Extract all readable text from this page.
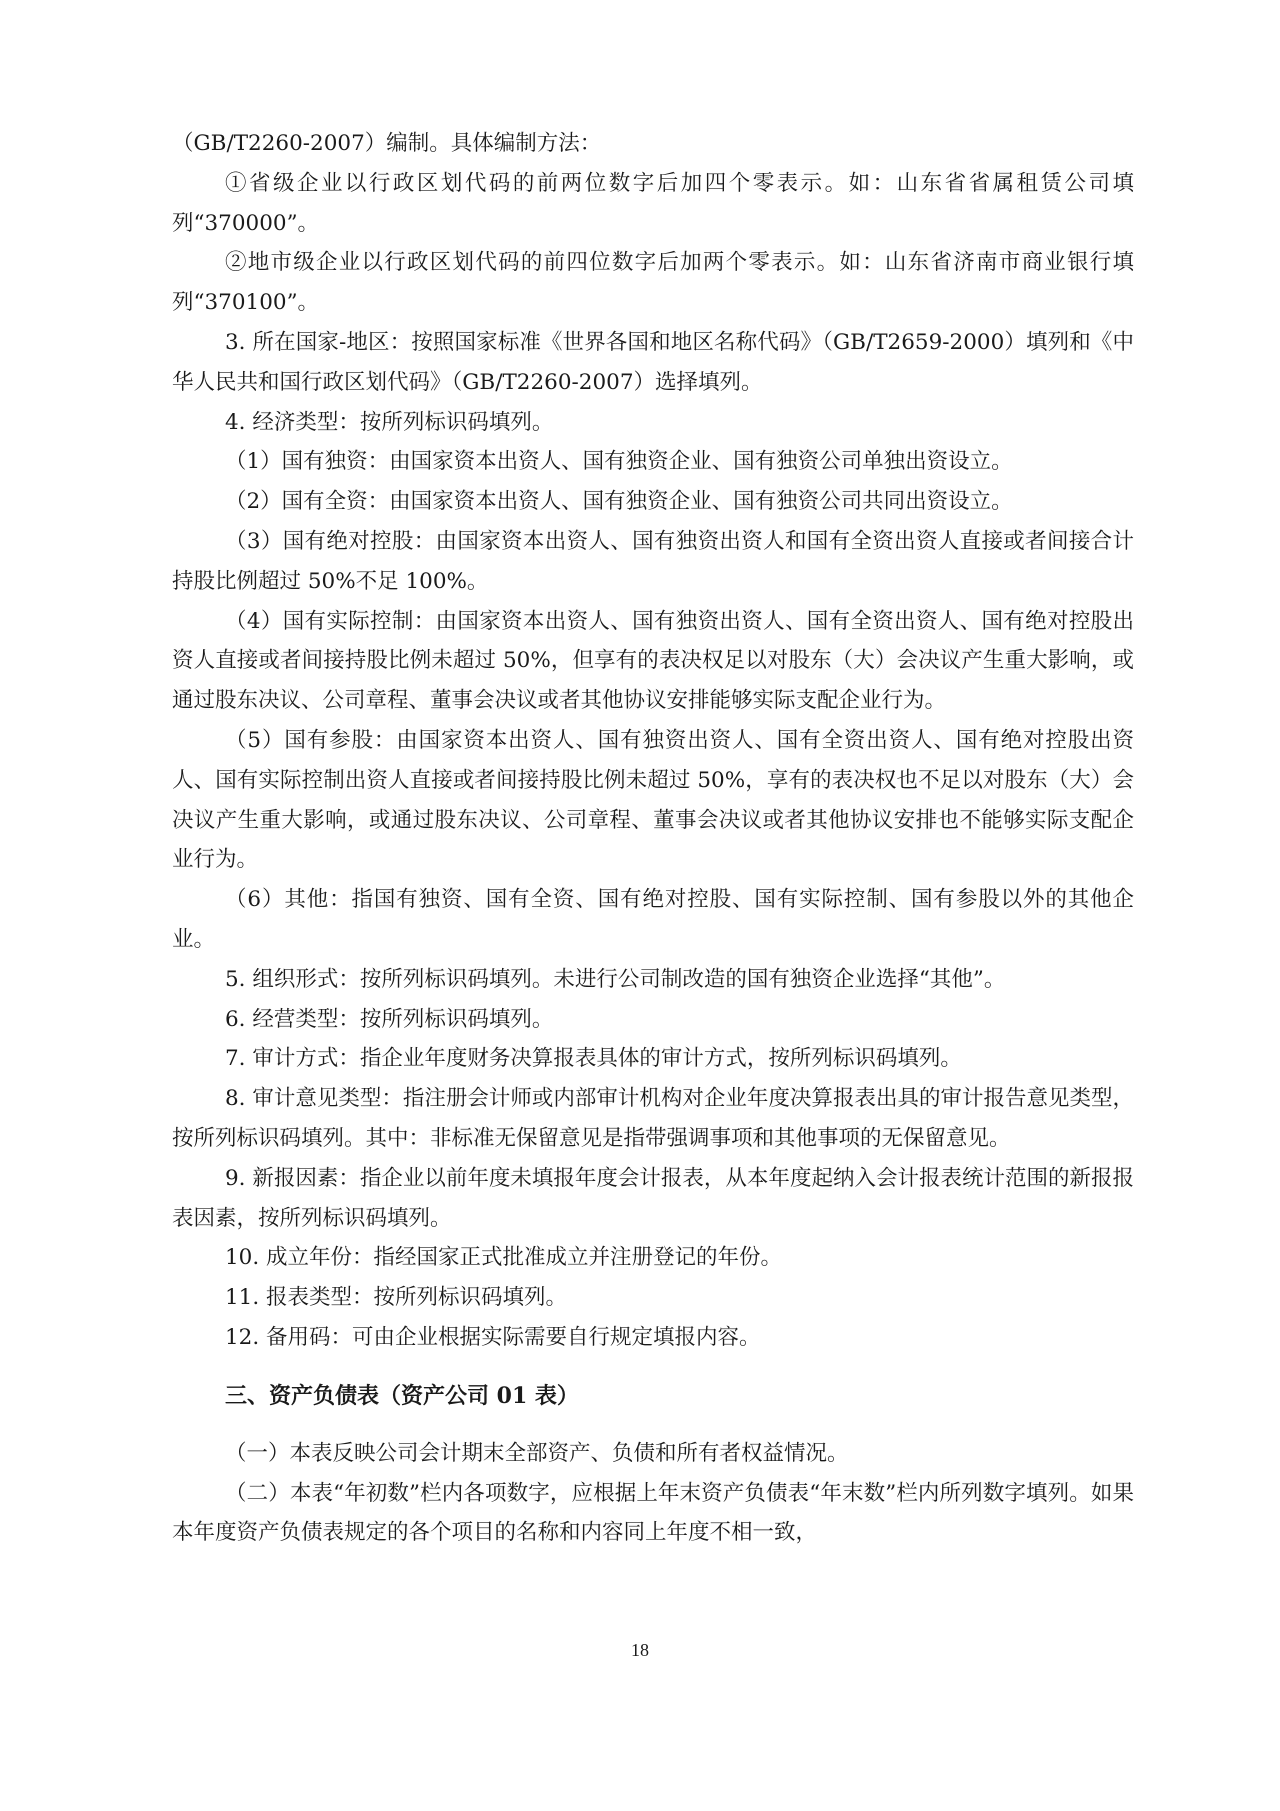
（GB/T2260-2007）编制。具体编制方法：

①省级企业以行政区划代码的前两位数字后加四个零表示。如：山东省省属租赁公司填列“370000”。

②地市级企业以行政区划代码的前四位数字后加两个零表示。如：山东省济南市商业银行填列“370100”。

3. 所在国家-地区：按照国家标准《世界各国和地区名称代码》（GB/T2659-2000）填列和《中华人民共和国行政区划代码》（GB/T2260-2007）选择填列。

4. 经济类型：按所列标识码填列。

（1）国有独资：由国家资本出资人、国有独资企业、国有独资公司单独出资设立。

（2）国有全资：由国家资本出资人、国有独资企业、国有独资公司共同出资设立。

（3）国有绝对控股：由国家资本出资人、国有独资出资人和国有全资出资人直接或者间接合计持股比例超过 50%不足 100%。

（4）国有实际控制：由国家资本出资人、国有独资出资人、国有全资出资人、国有绝对控股出资人直接或者间接持股比例未超过 50%，但享有的表决权足以对股东（大）会决议产生重大影响，或通过股东决议、公司章程、董事会决议或者其他协议安排能够实际支配企业行为。

（5）国有参股：由国家资本出资人、国有独资出资人、国有全资出资人、国有绝对控股出资人、国有实际控制出资人直接或者间接持股比例未超过 50%，享有的表决权也不足以对股东（大）会决议产生重大影响，或通过股东决议、公司章程、董事会决议或者其他协议安排也不能够实际支配企业行为。

（6）其他：指国有独资、国有全资、国有绝对控股、国有实际控制、国有参股以外的其他企业。

5. 组织形式：按所列标识码填列。未进行公司制改造的国有独资企业选择“其他”。

6. 经营类型：按所列标识码填列。

7. 审计方式：指企业年度财务决算报表具体的审计方式，按所列标识码填列。

8. 审计意见类型：指注册会计师或内部审计机构对企业年度决算报表出具的审计报告意见类型，按所列标识码填列。其中：非标准无保留意见是指带强调事项和其他事项的无保留意见。

9. 新报因素：指企业以前年度未填报年度会计报表，从本年度起纳入会计报表统计范围的新报报表因素，按所列标识码填列。

10. 成立年份：指经国家正式批准成立并注册登记的年份。

11. 报表类型：按所列标识码填列。

12. 备用码：可由企业根据实际需要自行规定填报内容。

三、资产负债表（资产公司 01 表）

（一）本表反映公司会计期末全部资产、负债和所有者权益情况。

（二）本表“年初数”栏内各项数字，应根据上年末资产负债表“年末数”栏内所列数字填列。如果本年度资产负债表规定的各个项目的名称和内容同上年度不相一致，

18
